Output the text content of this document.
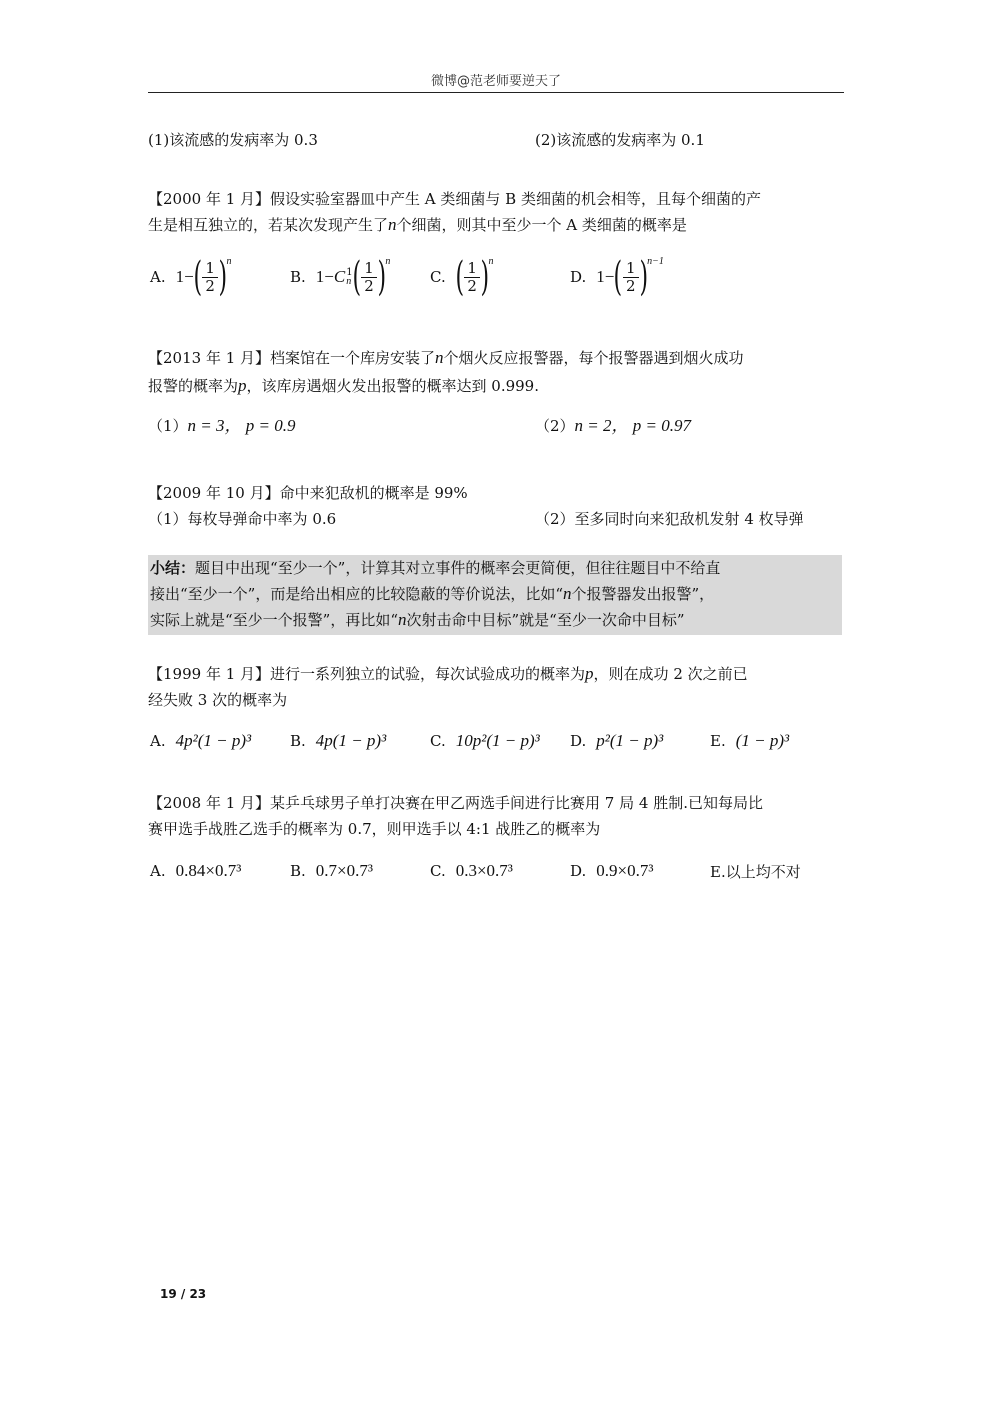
微博@范老师要逆天了
(1)该流感的发病率为 0.3	(2)该流感的发病率为 0.1
【2000 年 1 月】假设实验室器皿中产生 A 类细菌与 B 类细菌的机会相等，且每个细菌的产
生是相互独立的，若某次发现产生了n个细菌，则其中至少一个 A 类细菌的概率是
A. 1 − ( $\frac{1}{2}$ ) n
B. 1 − C 1
n ( $\frac{1}{2}$ ) n
C. ( $\frac{1}{2}$ ) n
D. 1 − ( $\frac{1}{2}$ ) n−1
【2013 年 1 月】档案馆在一个库房安装了n个烟火反应报警器，每个报警器遇到烟火成功
报警的概率为p，该库房遇烟火发出报警的概率达到 0.999.
（1）n = 3， p = 0.9	（2）n = 2， p = 0.97
【2009 年 10 月】命中来犯敌机的概率是 99%
（1）每枚导弹命中率为 0.6	（2）至多同时向来犯敌机发射 4 枚导弹
小结：题目中出现“至少一个”，计算其对立事件的概率会更简便，但往往题目中不给直
接出“至少一个”，而是给出相应的比较隐蔽的等价说法，比如“n个报警器发出报警”，
实际上就是“至少一个报警”，再比如“n次射击命中目标”就是“至少一次命中目标”
【1999 年 1 月】进行一系列独立的试验，每次试验成功的概率为p，则在成功 2 次之前已
经失败 3 次的概率为
A. 4p²(1 − p)³	B. 4p(1 − p)³	C. 10p²(1 − p)³ D. p²(1 − p)³	E. (1 − p)³
【2008 年 1 月】某乒乓球男子单打决赛在甲乙两选手间进行比赛用 7 局 4 胜制.已知每局比
赛甲选手战胜乙选手的概率为 0.7，则甲选手以 4:1 战胜乙的概率为
A. 0.84×0.7³	B. 0.7×0.7³	C. 0.3×0.7³	D. 0.9×0.7³	E.以上均不对
19 / 23
